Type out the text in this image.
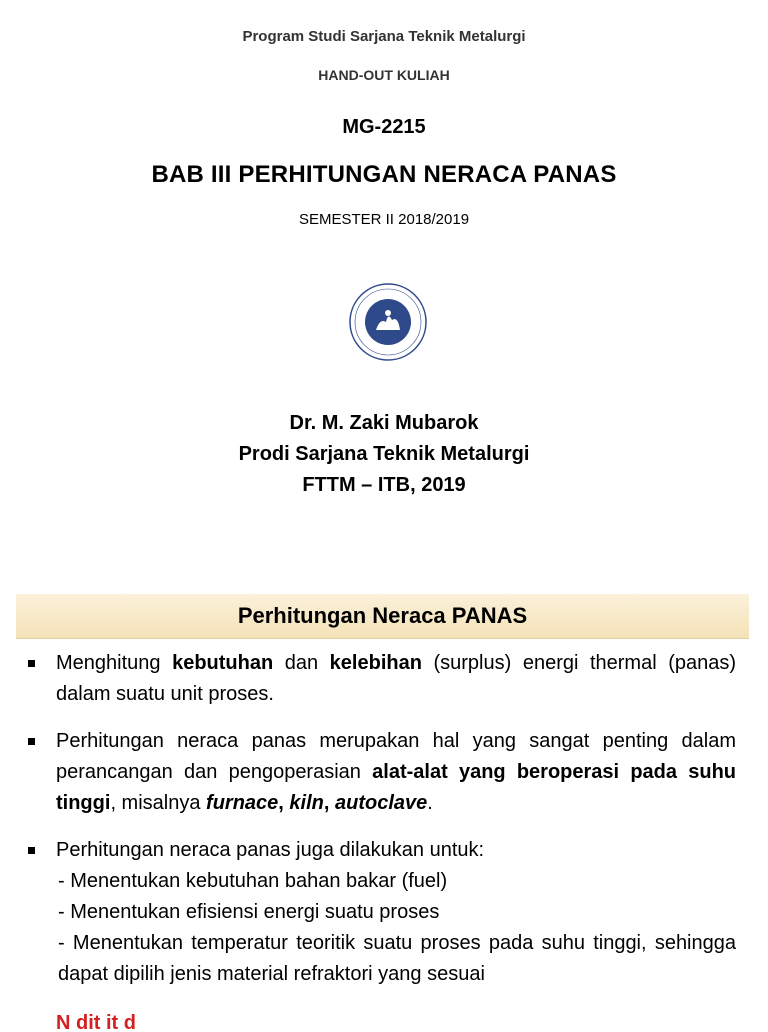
Program Studi Sarjana Teknik Metalurgi
HAND-OUT KULIAH
MG-2215
BAB III PERHITUNGAN NERACA PANAS
SEMESTER II 2018/2019
Dr. M. Zaki Mubarok
Prodi Sarjana Teknik Metalurgi
FTTM – ITB, 2019
Perhitungan Neraca PANAS
Menghitung kebutuhan dan kelebihan (surplus) energi thermal (panas) dalam suatu unit proses.
Perhitungan neraca panas merupakan hal yang sangat penting dalam perancangan dan pengoperasian alat-alat yang beroperasi pada suhu tinggi, misalnya furnace, kiln, autoclave.
Perhitungan neraca panas juga dilakukan untuk:
- Menentukan kebutuhan bahan bakar (fuel)
- Menentukan efisiensi energi suatu proses
- Menentukan temperatur teoritik suatu proses pada suhu tinggi, sehingga dapat dipilih jenis material refraktori yang sesuai
N dit it d
